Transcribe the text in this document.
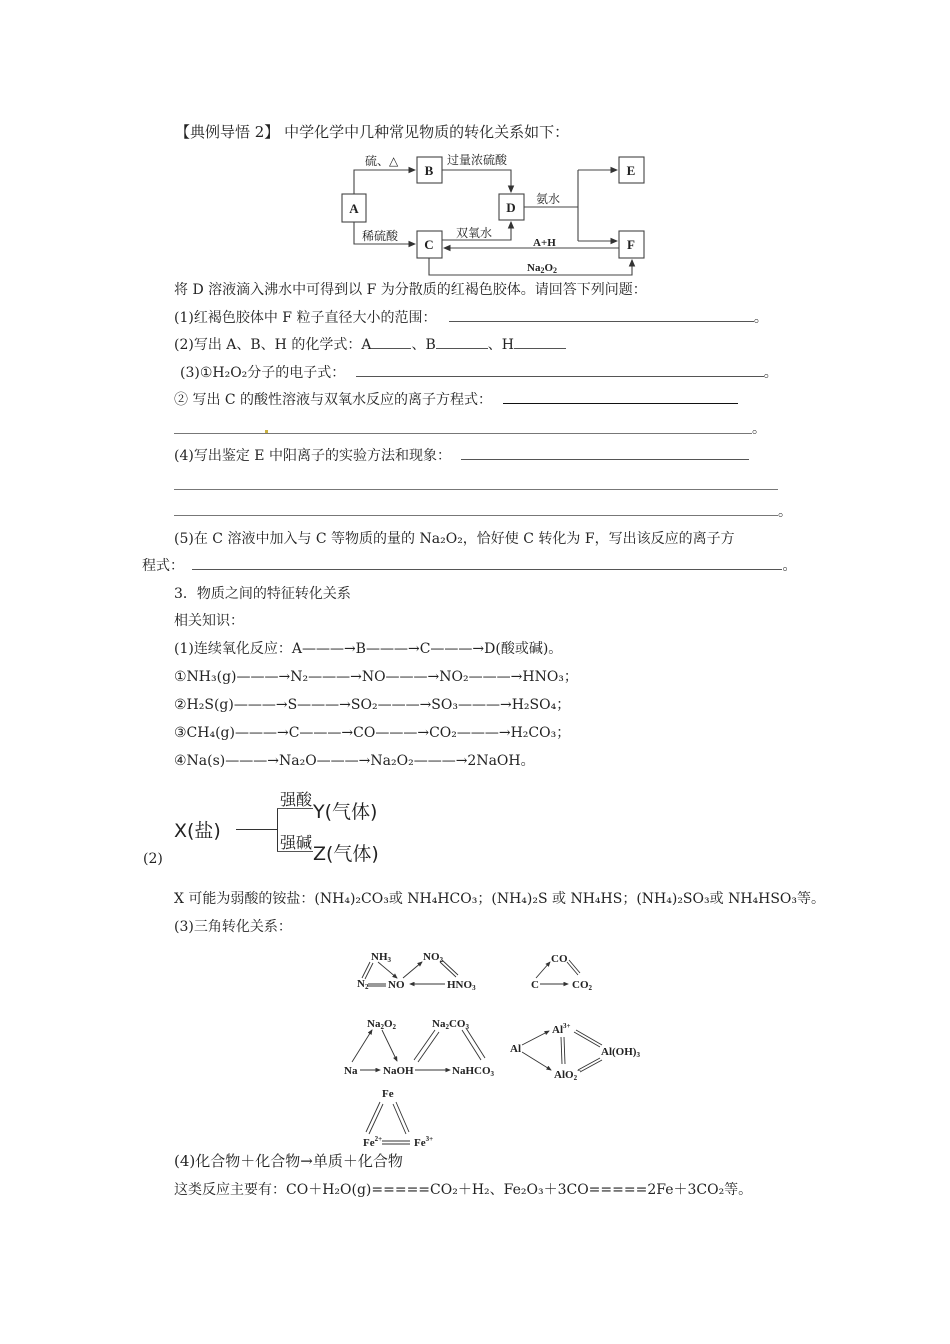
【典例导悟 2】 中学化学中几种常见物质的转化关系如下：
A
B
C
D
E
F
硫、△	过量浓硫酸
稀硫酸	双氧水
氨水
A+H
Na2O2
将 D 溶液滴入沸水中可得到以 F 为分散质的红褐色胶体。请回答下列问题：
(1)红褐色胶体中 F 粒子直径大小的范围：	。
(2)写出 A、B、H 的化学式：A	、B	、H
(3)①H₂O₂分子的电子式：	。
② 写出 C 的酸性溶液与双氧水反应的离子方程式：
。
(4)写出鉴定 E 中阳离子的实验方法和现象：
。
(5)在 C 溶液中加入与 C 等物质的量的 Na₂O₂，恰好使 C 转化为 F，写出该反应的离子方
程式：	。
3．物质之间的特征转化关系
相关知识：
(1)连续氧化反应：A———→B———→C———→D(酸或碱)。
①NH₃(g)———→N₂———→NO———→NO₂———→HNO₃；
②H₂S(g)———→S———→SO₂———→SO₃———→H₂SO₄；
③CH₄(g)———→C———→CO———→CO₂———→H₂CO₃；
④Na(s)———→Na₂O———→Na₂O₂———→2NaOH。
(2)
X(盐)
强酸
强碱
Y(气体)
Z(气体)
X 可能为弱酸的铵盐：(NH₄)₂CO₃或 NH₄HCO₃；(NH₄)₂S 或 NH₄HS；(NH₄)₂SO₃或 NH₄HSO₃等。
(3)三角转化关系：
NH3
N2 NO
NO2
HNO3
CO
C	CO2
Na2O2	Na2CO3
Na NaOH	NaHCO3
Al
$Al^{3+}$
Al(OH)3
AlO2−
Fe
$Fe^{2+}$	$Fe^{3+}$
(4)化合物＋化合物→单质＋化合物
这类反应主要有：CO＋H₂O(g)=====CO₂＋H₂、Fe₂O₃＋3CO=====2Fe＋3CO₂等。
